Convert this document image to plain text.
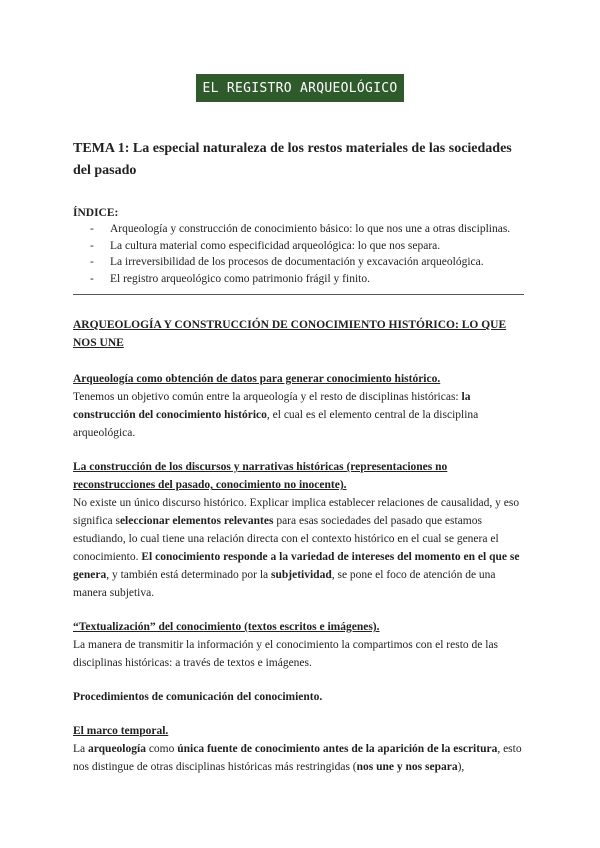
EL REGISTRO ARQUEOLÓGICO
TEMA 1: La especial naturaleza de los restos materiales de las sociedades del pasado
ÍNDICE:
- Arqueología y construcción de conocimiento básico: lo que nos une a otras disciplinas.
- La cultura material como especificidad arqueológica: lo que nos separa.
- La irreversibilidad de los procesos de documentación y excavación arqueológica.
- El registro arqueológico como patrimonio frágil y finito.
ARQUEOLOGÍA Y CONSTRUCCIÓN DE CONOCIMIENTO HISTÓRICO: LO QUE NOS UNE
Arqueología como obtención de datos para generar conocimiento histórico.

Tenemos un objetivo común entre la arqueología y el resto de disciplinas históricas: la construcción del conocimiento histórico, el cual es el elemento central de la disciplina arqueológica.

La construcción de los discursos y narrativas históricas (representaciones no reconstrucciones del pasado, conocimiento no inocente).

No existe un único discurso histórico. Explicar implica establecer relaciones de causalidad, y eso significa seleccionar elementos relevantes para esas sociedades del pasado que estamos estudiando, lo cual tiene una relación directa con el contexto histórico en el cual se genera el conocimiento. El conocimiento responde a la variedad de intereses del momento en el que se genera, y también está determinado por la subjetividad, se pone el foco de atención de una manera subjetiva.

“Textualización” del conocimiento (textos escritos e imágenes).

La manera de transmitir la información y el conocimiento la compartimos con el resto de las disciplinas históricas: a través de textos e imágenes.

Procedimientos de comunicación del conocimiento.
El marco temporal.

La arqueología como única fuente de conocimiento antes de la aparición de la escritura, esto nos distingue de otras disciplinas históricas más restringidas (nos une y nos separa),
